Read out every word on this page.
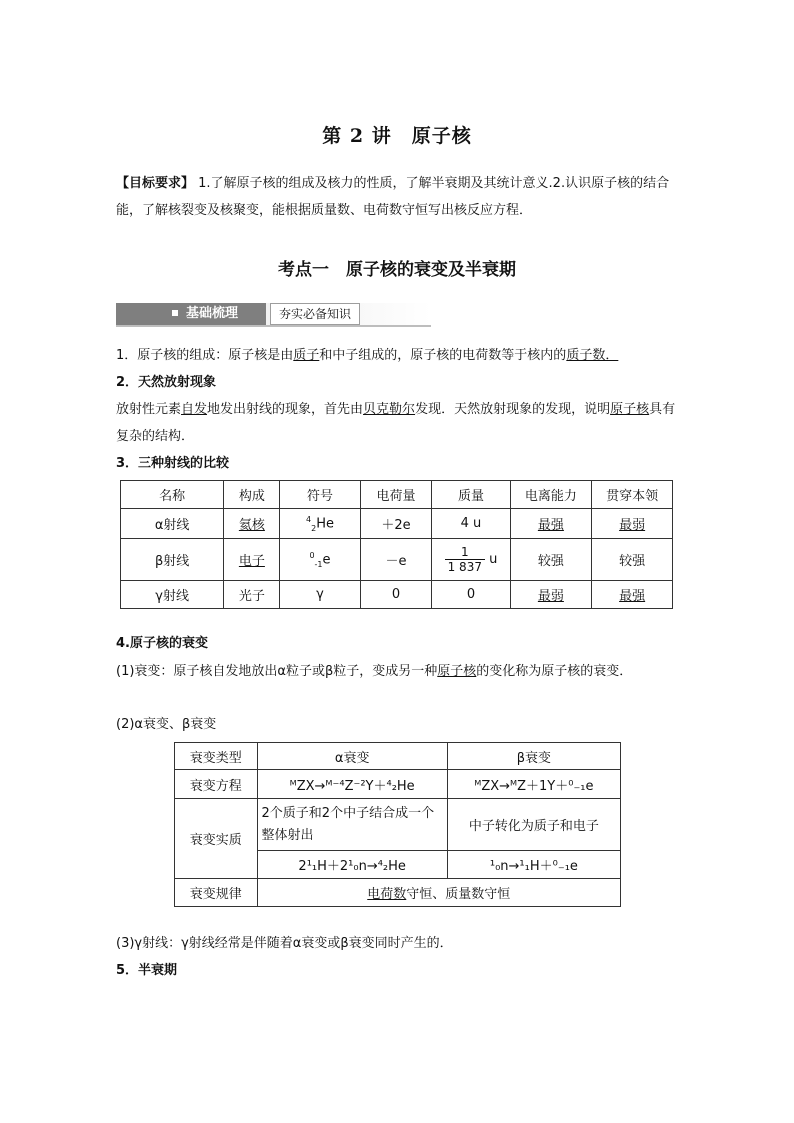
第 2 讲　原子核
【目标要求】 1.了解原子核的组成及核力的性质，了解半衰期及其统计意义.2.认识原子核的结合能，了解核裂变及核聚变，能根据质量数、电荷数守恒写出核反应方程．
考点一　原子核的衰变及半衰期
基础梳理	夯实必备知识
1．原子核的组成：原子核是由质子和中子组成的，原子核的电荷数等于核内的质子数．
2．天然放射现象
放射性元素自发地发出射线的现象，首先由贝克勒尔发现．天然放射现象的发现，说明原子核具有复杂的结构．
3．三种射线的比较
名称	构成	符号	电荷量	质量	电离能力	贯穿本领
α射线	氦核	$^4_2$He	＋2e	4 u	最强	最弱
β射线	电子	$^0_{-1}$e	－e	$\frac{1}{1 837}$ u	较强	较强
γ射线	光子	γ	0	0	最弱	最强
4.原子核的衰变
(1)衰变：原子核自发地放出α粒子或β粒子，变成另一种原子核的变化称为原子核的衰变．
(2)α衰变、β衰变
衰变类型	α衰变	β衰变
衰变方程	ᴹZX→ᴹ⁻⁴Z⁻²Y＋⁴₂He	ᴹZX→ᴹZ＋1Y＋⁰₋₁e
衰变实质	2个质子和2个中子结合成一个整体射出	中子转化为质子和电子
	2¹₁H＋2¹₀n→⁴₂He	¹₀n→¹₁H＋⁰₋₁e
衰变规律	电荷数守恒、质量数守恒	
(3)γ射线：γ射线经常是伴随着α衰变或β衰变同时产生的．
5．半衰期
